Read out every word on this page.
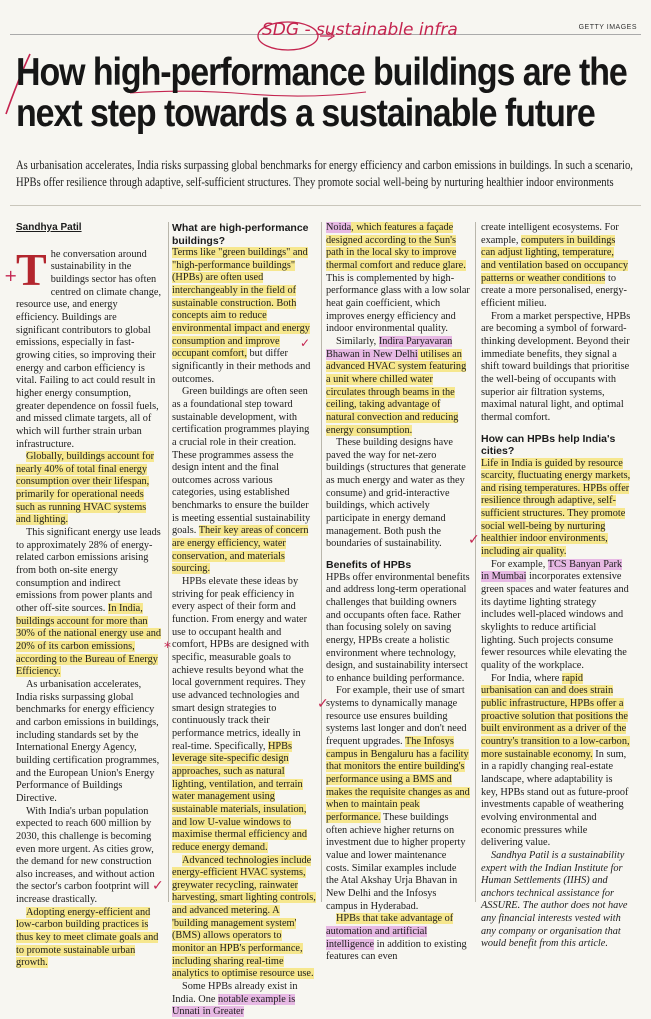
GETTY IMAGES
SDG - sustainable infra
How high-performance buildings are the next step towards a sustainable future
As urbanisation accelerates, India risks surpassing global benchmarks for energy efficiency and carbon emissions in buildings. In such a scenario, HPBs offer resilience through adaptive, self-sufficient structures. They promote social well-being by nurturing healthier indoor environments
+
✓
*
✓
✓
✓
Sandhya Patil

The conversation around sustainability in the buildings sector has often centred on climate change, resource use, and energy efficiency. Buildings are significant contributors to global emissions, especially in fast-growing cities, so improving their energy and carbon efficiency is vital. Failing to act could result in higher energy consumption, greater dependence on fossil fuels, and missed climate targets, all of which will further strain urban infrastructure.

Globally, buildings account for nearly 40% of total final energy consumption over their lifespan, primarily for operational needs such as running HVAC systems and lighting.

This significant energy use leads to approximately 28% of energy-related carbon emissions arising from both on-site energy consumption and indirect emissions from power plants and other off-site sources. In India, buildings account for more than 30% of the national energy use and 20% of its carbon emissions, according to the Bureau of Energy Efficiency.

As urbanisation accelerates, India risks surpassing global benchmarks for energy efficiency and carbon emissions in buildings, including standards set by the International Energy Agency, building certification programmes, and the European Union's Energy Performance of Buildings Directive.

With India's urban population expected to reach 600 million by 2030, this challenge is becoming even more urgent. As cities grow, the demand for new construction also increases, and without action the sector's carbon footprint will increase drastically.

Adopting energy-efficient and low-carbon building practices is thus key to meet climate goals and to promote sustainable urban growth.

What are high-performance buildings?

Terms like "green buildings" and "high-performance buildings" (HPBs) are often used interchangeably in the field of sustainable construction. Both concepts aim to reduce environmental impact and energy consumption and improve occupant comfort, but differ significantly in their methods and outcomes.

Green buildings are often seen as a foundational step toward sustainable development, with certification programmes playing a crucial role in their creation. These programmes assess the design intent and the final outcomes across various categories, using established benchmarks to ensure the builder is meeting essential sustainability goals. Their key areas of concern are energy efficiency, water conservation, and materials sourcing.

HPBs elevate these ideas by striving for peak efficiency in every aspect of their form and function. From energy and water use to occupant health and comfort, HPBs are designed with specific, measurable goals to achieve results beyond what the local government requires. They use advanced technologies and smart design strategies to continuously track their performance metrics, ideally in real-time. Specifically, HPBs leverage site-specific design approaches, such as natural lighting, ventilation, and terrain water management using sustainable materials, insulation, and low U-value windows to maximise thermal efficiency and reduce energy demand.

Advanced technologies include energy-efficient HVAC systems, greywater recycling, rainwater harvesting, smart lighting controls, and advanced metering. A 'building management system' (BMS) allows operators to monitor an HPB's performance, including sharing real-time analytics to optimise resource use.

Some HPBs already exist in India. One notable example is Unnati in Greater

Noida, which features a façade designed according to the Sun's path in the local sky to improve thermal comfort and reduce glare. This is complemented by high-performance glass with a low solar heat gain coefficient, which improves energy efficiency and indoor environmental quality.

Similarly, Indira Paryavaran Bhawan in New Delhi utilises an advanced HVAC system featuring a unit where chilled water circulates through beams in the ceiling, taking advantage of natural convection and reducing energy consumption.

These building designs have paved the way for net-zero buildings (structures that generate as much energy and water as they consume) and grid-interactive buildings, which actively participate in energy demand management. Both push the boundaries of sustainability.

Benefits of HPBs

HPBs offer environmental benefits and address long-term operational challenges that building owners and occupants often face. Rather than focusing solely on saving energy, HPBs create a holistic environment where technology, design, and sustainability intersect to enhance building performance.

For example, their use of smart systems to dynamically manage resource use ensures building systems last longer and don't need frequent upgrades. The Infosys campus in Bengaluru has a facility that monitors the entire building's performance using a BMS and makes the requisite changes as and when to maintain peak performance. These buildings often achieve higher returns on investment due to higher property value and lower maintenance costs. Similar examples include the Atal Akshay Urja Bhavan in New Delhi and the Infosys campus in Hyderabad.

HPBs that take advantage of automation and artificial intelligence in addition to existing features can even

create intelligent ecosystems. For example, computers in buildings can adjust lighting, temperature, and ventilation based on occupancy patterns or weather conditions to create a more personalised, energy-efficient milieu.

From a market perspective, HPBs are becoming a symbol of forward-thinking development. Beyond their immediate benefits, they signal a shift toward buildings that prioritise the well-being of occupants with superior air filtration systems, maximal natural light, and optimal thermal comfort.

How can HPBs help India's cities?

Life in India is guided by resource scarcity, fluctuating energy markets, and rising temperatures. HPBs offer resilience through adaptive, self-sufficient structures. They promote social well-being by nurturing healthier indoor environments, including air quality.

For example, TCS Banyan Park in Mumbai incorporates extensive green spaces and water features and its daytime lighting strategy includes well-placed windows and skylights to reduce artificial lighting. Such projects consume fewer resources while elevating the quality of the workplace.

For India, where rapid urbanisation can and does strain public infrastructure, HPBs offer a proactive solution that positions the built environment as a driver of the country's transition to a low-carbon, more sustainable economy. In sum, in a rapidly changing real-estate landscape, where adaptability is key, HPBs stand out as future-proof investments capable of weathering evolving environmental and economic pressures while delivering value.

Sandhya Patil is a sustainability expert with the Indian Institute for Human Settlements (IIHS) and anchors technical assistance for ASSURE. The author does not have any financial interests vested with any company or organisation that would benefit from this article.
